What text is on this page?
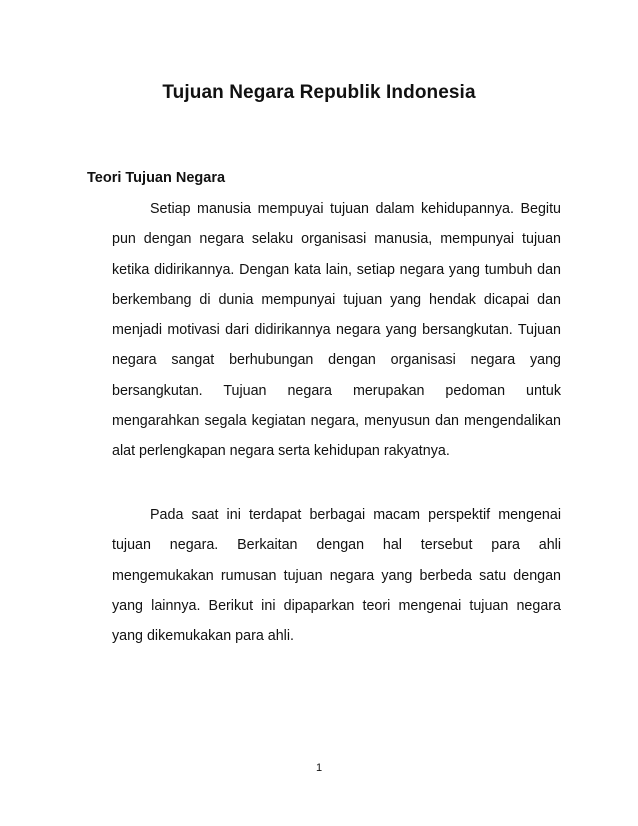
Tujuan Negara Republik Indonesia
Teori Tujuan Negara

Setiap manusia mempuyai tujuan dalam kehidupannya. Begitu pun dengan negara selaku organisasi manusia, mempunyai tujuan ketika didirikannya. Dengan kata lain, setiap negara yang tumbuh dan berkembang di dunia mempunyai tujuan yang hendak dicapai dan menjadi motivasi dari didirikannya negara yang bersangkutan. Tujuan negara sangat berhubungan dengan organisasi negara yang bersangkutan. Tujuan negara merupakan pedoman untuk mengarahkan segala kegiatan negara, menyusun dan mengendalikan alat perlengkapan negara serta kehidupan rakyatnya.

Pada saat ini terdapat berbagai macam perspektif mengenai tujuan negara. Berkaitan dengan hal tersebut para ahli mengemukakan rumusan tujuan negara yang berbeda satu dengan yang lainnya. Berikut ini dipaparkan teori mengenai tujuan negara yang dikemukakan para ahli.

1
